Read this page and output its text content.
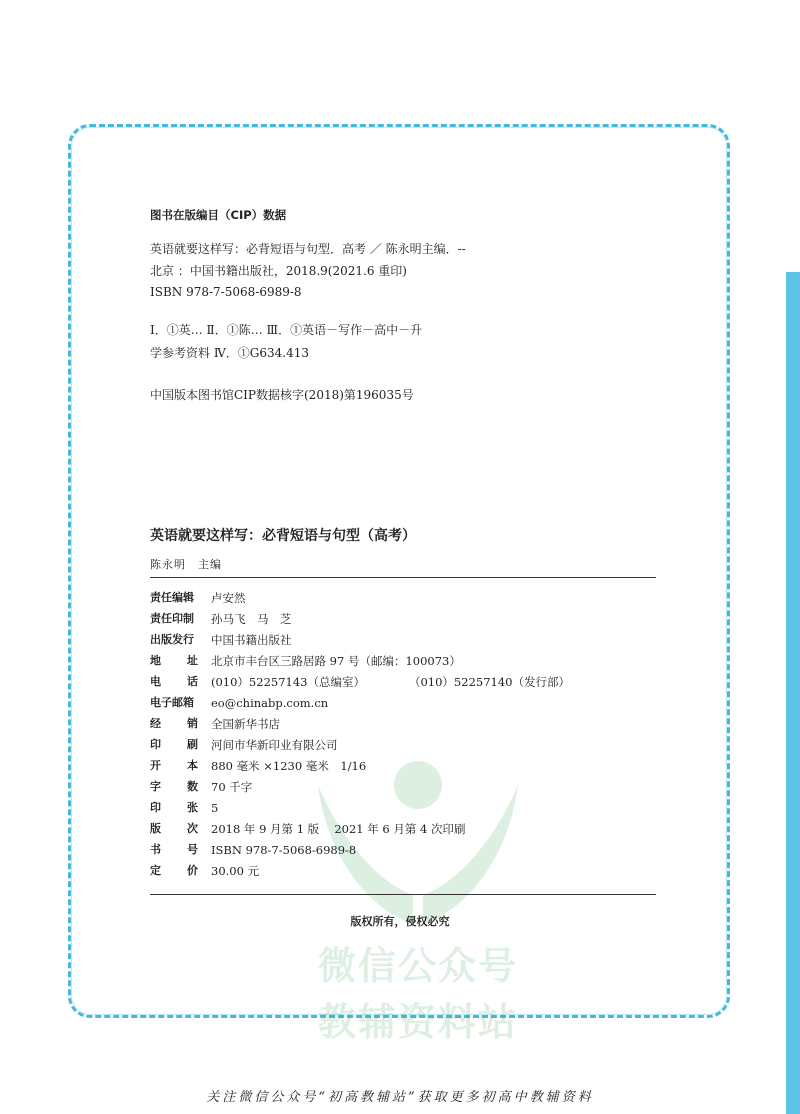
微信公众号
教辅资料站
图书在版编目（CIP）数据
英语就要这样写：必背短语与句型．高考 ／ 陈永明主编．--
北京 ：中国书籍出版社，2018.9(2021.6 重印)
ISBN 978-7-5068-6989-8
Ⅰ．①英… Ⅱ．①陈… Ⅲ．①英语－写作－高中－升
学参考资料 Ⅳ．①G634.413
中国版本图书馆CIP数据核字(2018)第196035号
英语就要这样写：必背短语与句型（高考）
陈永明　主编
责任编辑 卢安然
责任印制 孙马飞　马　芝
出版发行 中国书籍出版社
地 址 北京市丰台区三路居路 97 号（邮编：100073）
电 话 (010）52257143（总编室）	（010）52257140（发行部）
电子邮箱 eo@chinabp.com.cn
经 销 全国新华书店
印 刷 河间市华新印业有限公司
开 本 880 毫米 ×1230 毫米　1/16
字 数 70 千字
印 张 5
版 次 2018 年 9 月第 1 版　 2021 年 6 月第 4 次印刷
书 号 ISBN 978-7-5068-6989-8
定 价 30.00 元
版权所有，侵权必究
关注微信公众号“初高教辅站”获取更多初高中教辅资料
